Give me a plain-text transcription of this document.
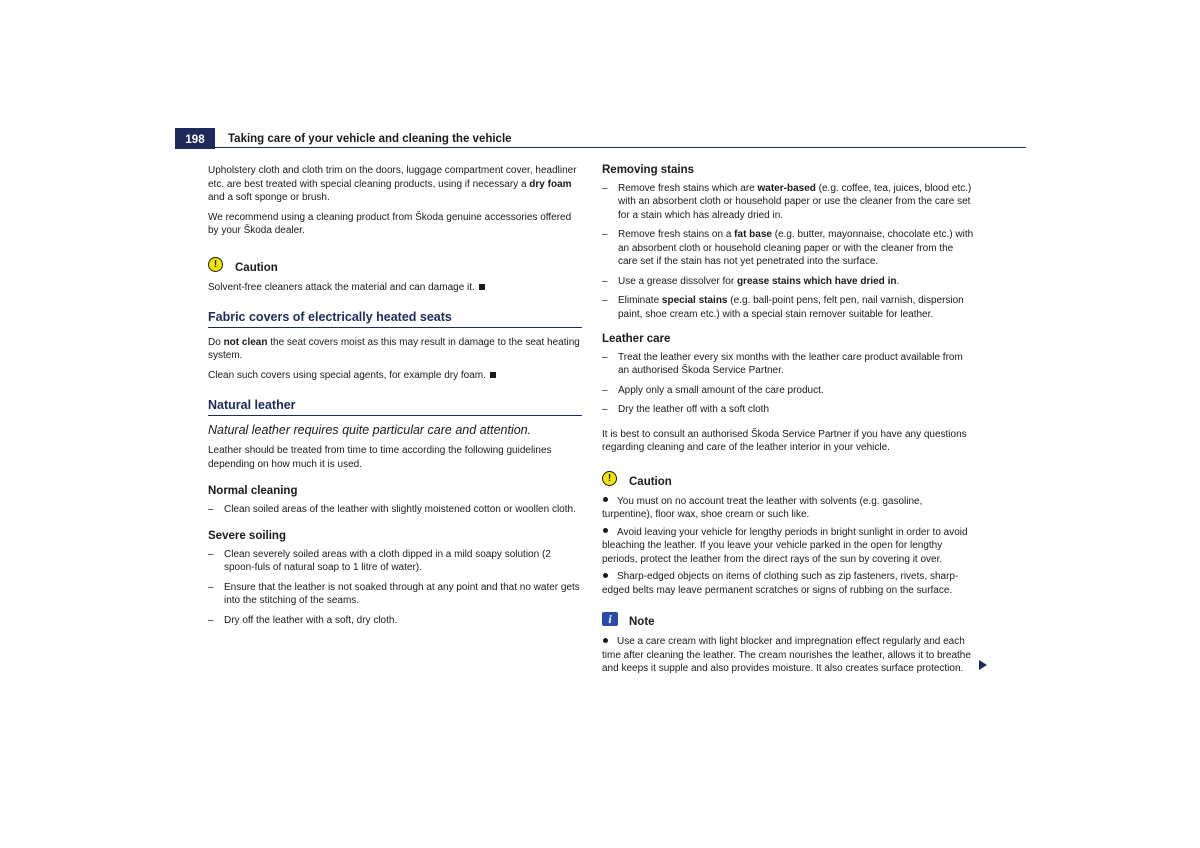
198	Taking care of your vehicle and cleaning the vehicle

Upholstery cloth and cloth trim on the doors, luggage compartment cover, headliner etc. are best treated with special cleaning products, using if necessary a dry foam and a soft sponge or brush.

We recommend using a cleaning product from Škoda genuine accessories offered by your Škoda dealer.

!	Caution

Solvent-free cleaners attack the material and can damage it.

Fabric covers of electrically heated seats

Do not clean the seat covers moist as this may result in damage to the seat heating system.

Clean such covers using special agents, for example dry foam.

Natural leather
Natural leather requires quite particular care and attention.

Leather should be treated from time to time according the following guidelines depending on how much it is used.

Normal cleaning
– Clean soiled areas of the leather with slightly moistened cotton or woollen cloth.
Severe soiling
– Clean severely soiled areas with a cloth dipped in a mild soapy solution (2 spoon-fuls of natural soap to 1 litre of water).
– Ensure that the leather is not soaked through at any point and that no water gets into the stitching of the seams.
– Dry off the leather with a soft, dry cloth.
Removing stains
– Remove fresh stains which are water-based (e.g. coffee, tea, juices, blood etc.) with an absorbent cloth or household paper or use the cleaner from the care set for a stain which has already dried in.
– Remove fresh stains on a fat base (e.g. butter, mayonnaise, chocolate etc.) with an absorbent cloth or household cleaning paper or with the cleaner from the care set if the stain has not yet penetrated into the surface.
– Use a grease dissolver for grease stains which have dried in.
– Eliminate special stains (e.g. ball-point pens, felt pen, nail varnish, dispersion paint, shoe cream etc.) with a special stain remover suitable for leather.
Leather care
– Treat the leather every six months with the leather care product available from an authorised Škoda Service Partner.
– Apply only a small amount of the care product.
– Dry the leather off with a soft cloth

It is best to consult an authorised Škoda Service Partner if you have any questions regarding cleaning and care of the leather interior in your vehicle.

!	Caution

You must on no account treat the leather with solvents (e.g. gasoline, turpentine), floor wax, shoe cream or such like.

Avoid leaving your vehicle for lengthy periods in bright sunlight in order to avoid bleaching the leather. If you leave your vehicle parked in the open for lengthy periods, protect the leather from the direct rays of the sun by covering it over.

Sharp-edged objects on items of clothing such as zip fasteners, rivets, sharp-edged belts may leave permanent scratches or signs of rubbing on the surface.

i	Note

Use a care cream with light blocker and impregnation effect regularly and each time after cleaning the leather. The cream nourishes the leather, allows it to breathe and keeps it supple and also provides moisture. It also creates surface protection.
